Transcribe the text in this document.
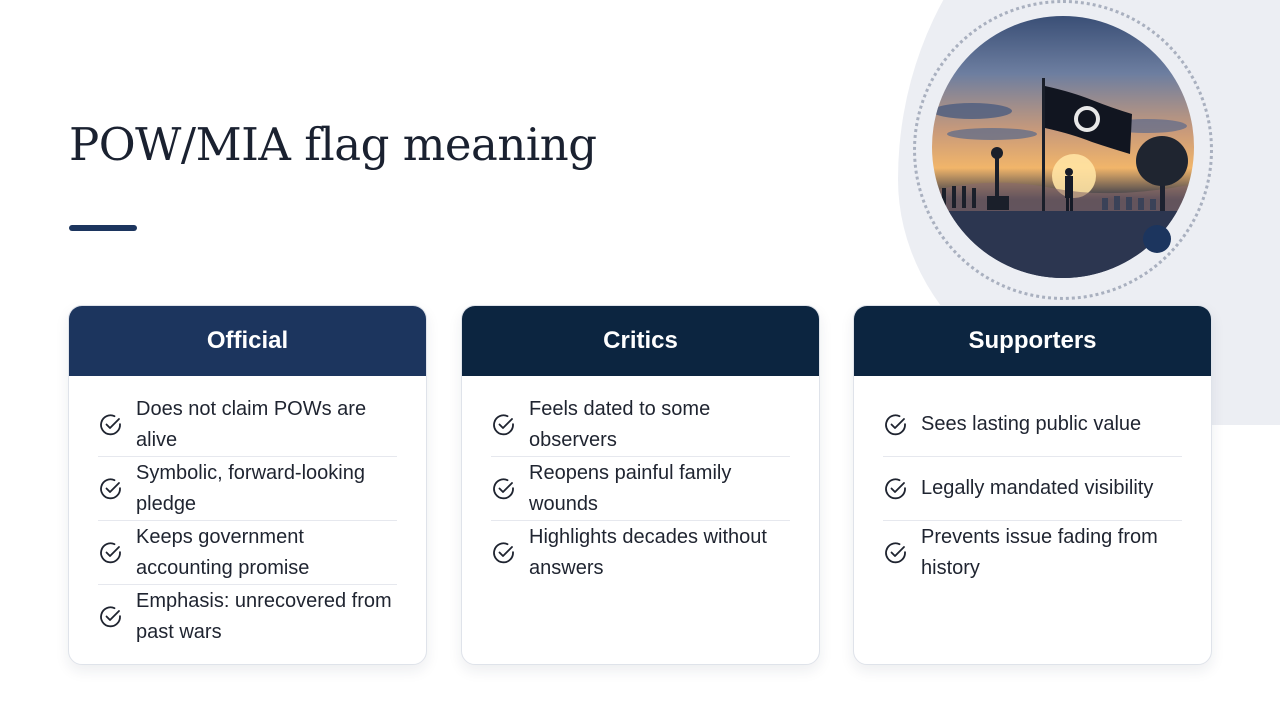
POW/MIA flag meaning
Official
Does not claim POWs are alive
Symbolic, forward-looking pledge
Keeps government accounting promise
Emphasis: unrecovered from past wars
Critics
Feels dated to some observers
Reopens painful family wounds
Highlights decades without answers
Supporters
Sees lasting public value
Legally mandated visibility
Prevents issue fading from history
